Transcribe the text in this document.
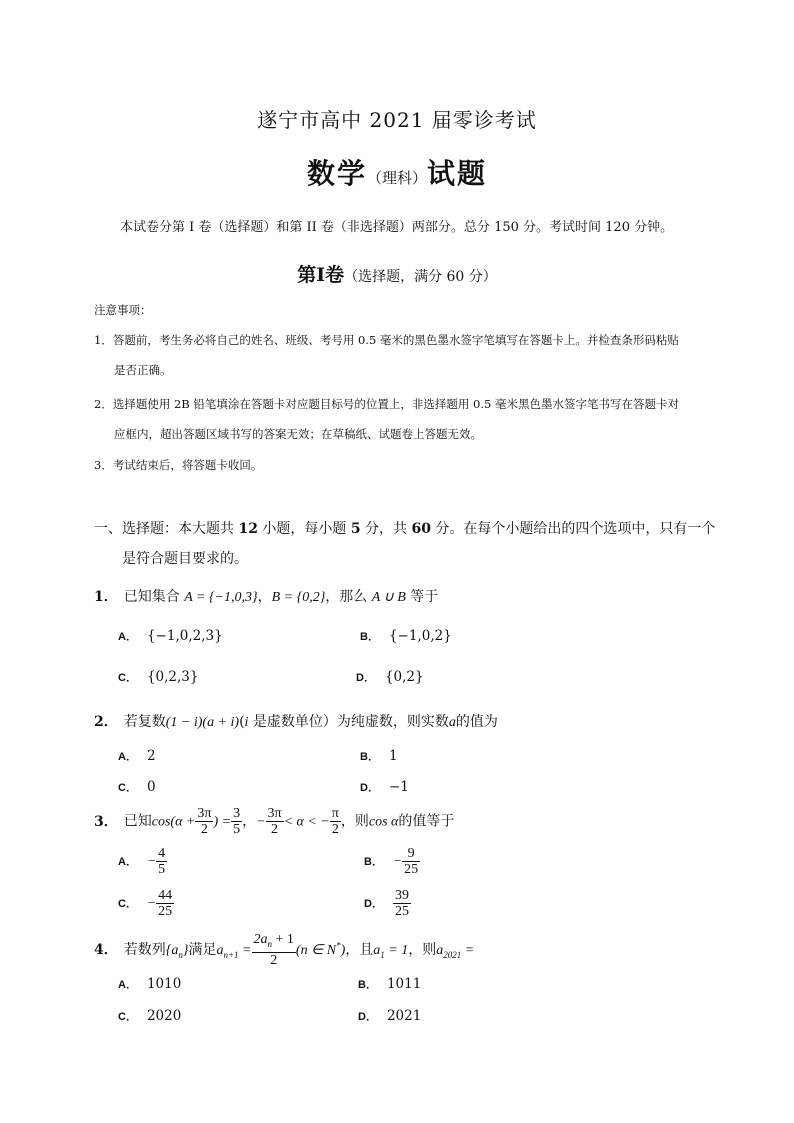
遂宁市高中 2021 届零诊考试
数学（理科）试题
本试卷分第 I 卷（选择题）和第 II 卷（非选择题）两部分。总分 150 分。考试时间 120 分钟。
第Ⅰ卷（选择题，满分 60 分）
注意事项：
1．答题前，考生务必将自己的姓名、班级、考号用 0.5 毫米的黑色墨水签字笔填写在答题卡上。并检查条形码粘贴
是否正确。
2．选择题使用 2B 铅笔填涂在答题卡对应题目标号的位置上，非选择题用 0.5 毫米黑色墨水签字笔书写在答题卡对
应框内，超出答题区域书写的答案无效；在草稿纸、试题卷上答题无效。
3．考试结束后，将答题卡收回。
一、选择题：本大题共 12 小题，每小题 5 分，共 60 分。在每个小题给出的四个选项中，只有一个
是符合题目要求的。
1． 已知集合 A = {−1,0,3}，B = {0,2}，那么 A ∪ B 等于
A． {−1,0,2,3}	B． {−1,0,2}
C． {0,2,3}	D． {0,2}
2． 若复数(1 − i)(a + i)(i 是虚数单位）为纯虚数，则实数a的值为
A． 2	B． 1
C． 0	D． −1
3． 已知$\cos(\alpha + \frac{3\pi}{2}$ ) = $\frac{3}{5}$ ，− $\frac{3\pi}{2} < \alpha$ < − $\frac{\pi}{2}$ ，则cos α的值等于
A． − $\frac{4}{5}$	B． − $\frac{9}{25}$
C． − $\frac{44}{25}$	D． $\frac{39}{25}$
4． 若数列$\{a_n\}$满足$a_{n+1} = \frac{2a_n + 1}{2} (n$ ∈ N*)，且$a_1 = 1$，则$a_{2021}$ =
A． 1010	B． 1011
C． 2020	D． 2021
